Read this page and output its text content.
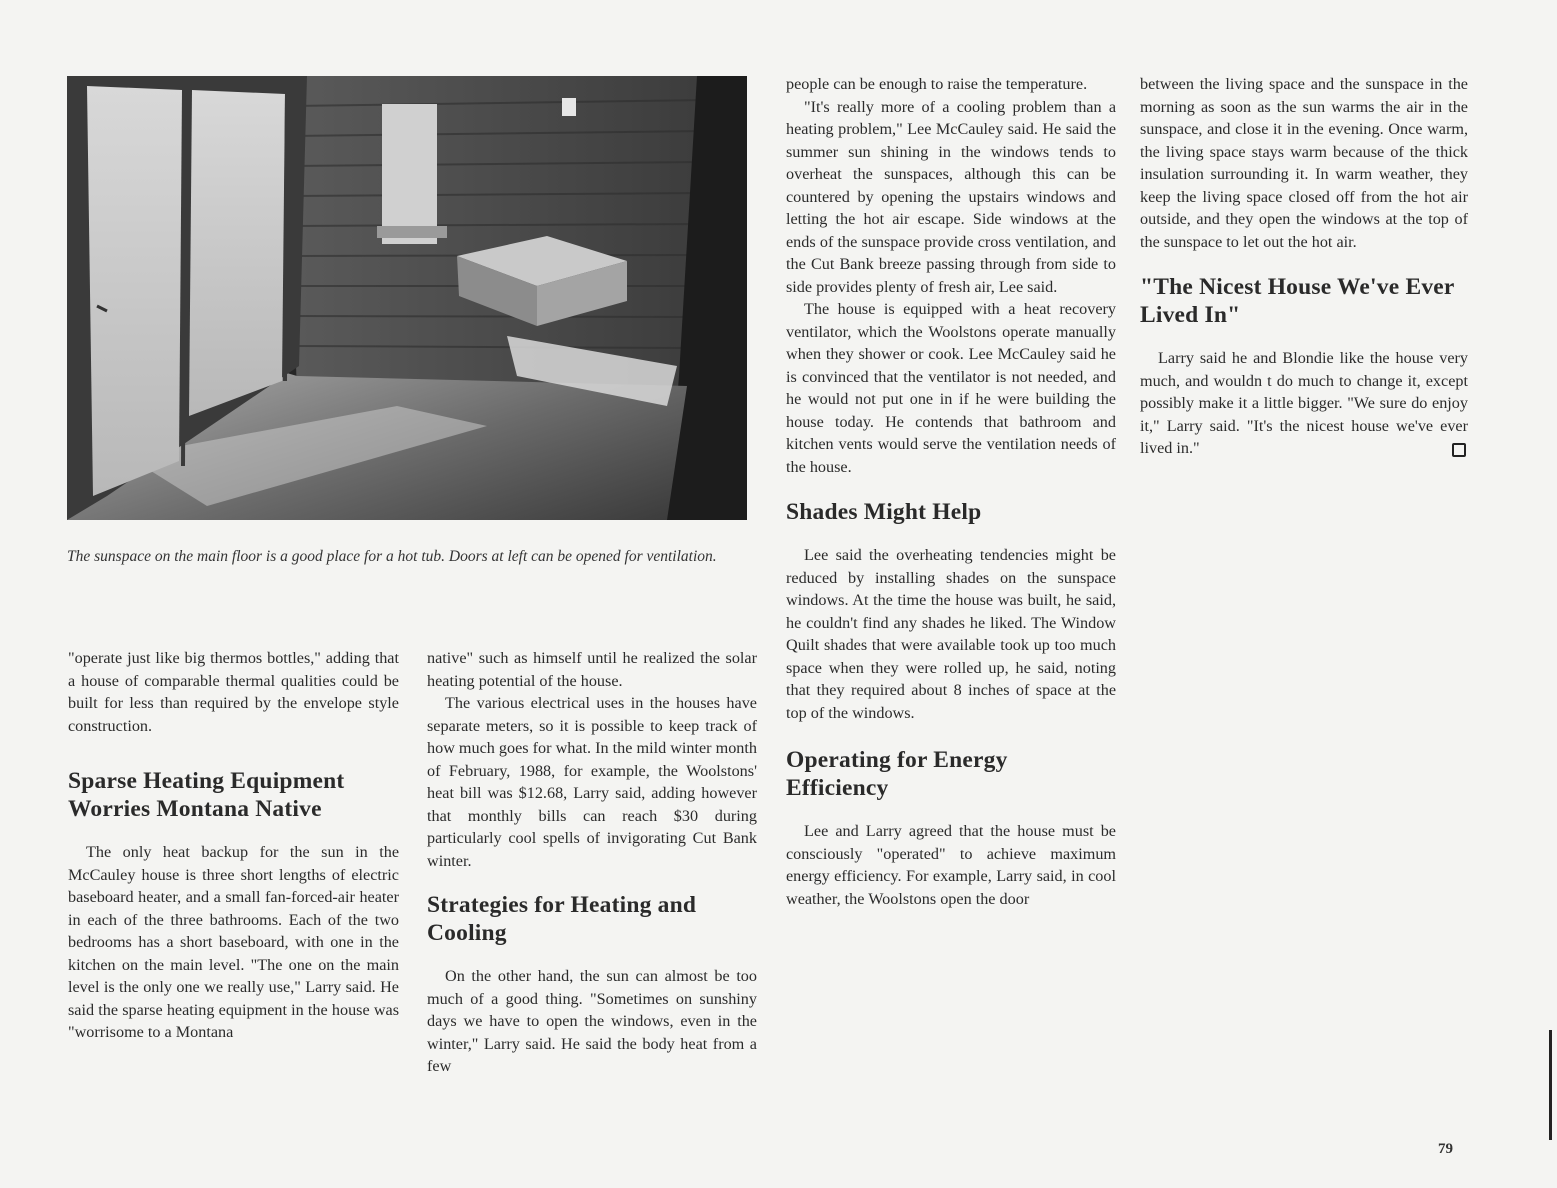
The sunspace on the main floor is a good place for a hot tub. Doors at left can be opened for ventilation.

"operate just like big thermos bottles," adding that a house of comparable thermal qualities could be built for less than required by the envelope style construction.

Sparse Heating Equipment Worries Montana Native

The only heat backup for the sun in the McCauley house is three short lengths of electric baseboard heater, and a small fan-forced-air heater in each of the three bathrooms. Each of the two bedrooms has a short baseboard, with one in the kitchen on the main level. "The one on the main level is the only one we really use," Larry said. He said the sparse heating equipment in the house was "worrisome to a Montana

native" such as himself until he realized the solar heating potential of the house.

The various electrical uses in the houses have separate meters, so it is possible to keep track of how much goes for what. In the mild winter month of February, 1988, for example, the Woolstons' heat bill was $12.68, Larry said, adding however that monthly bills can reach $30 during particularly cool spells of invigorating Cut Bank winter.

Strategies for Heating and Cooling

On the other hand, the sun can almost be too much of a good thing. "Sometimes on sunshiny days we have to open the windows, even in the winter," Larry said. He said the body heat from a few

people can be enough to raise the temperature.

"It's really more of a cooling problem than a heating problem," Lee McCauley said. He said the summer sun shining in the windows tends to overheat the sunspaces, although this can be countered by opening the upstairs windows and letting the hot air escape. Side windows at the ends of the sunspace provide cross ventilation, and the Cut Bank breeze passing through from side to side provides plenty of fresh air, Lee said.

The house is equipped with a heat recovery ventilator, which the Woolstons operate manually when they shower or cook. Lee McCauley said he is convinced that the ventilator is not needed, and he would not put one in if he were building the house today. He contends that bathroom and kitchen vents would serve the ventilation needs of the house.

Shades Might Help

Lee said the overheating tendencies might be reduced by installing shades on the sunspace windows. At the time the house was built, he said, he couldn't find any shades he liked. The Window Quilt shades that were available took up too much space when they were rolled up, he said, noting that they required about 8 inches of space at the top of the windows.

Operating for Energy Efficiency

Lee and Larry agreed that the house must be consciously "operated" to achieve maximum energy efficiency. For example, Larry said, in cool weather, the Woolstons open the door

between the living space and the sunspace in the morning as soon as the sun warms the air in the sunspace, and close it in the evening. Once warm, the living space stays warm because of the thick insulation surrounding it. In warm weather, they keep the living space closed off from the hot air outside, and they open the windows at the top of the sunspace to let out the hot air.

"The Nicest House We've Ever Lived In"

Larry said he and Blondie like the house very much, and wouldn t do much to change it, except possibly make it a little bigger. "We sure do enjoy it," Larry said. "It's the nicest house we've ever lived in."

79
